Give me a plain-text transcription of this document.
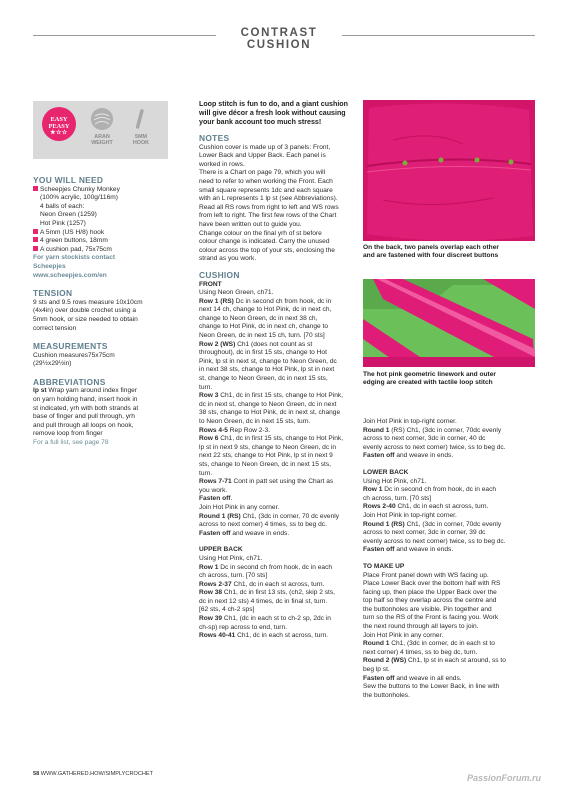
CONTRAST CUSHION
EASY
PEASY
★☆☆
ARAN
WEIGHT
5MM
HOOK
YOU WILL NEED

Scheepjes Chunky Monkey

(100% acrylic, 100g/116m)

4 balls of each:

Neon Green (1259)

Hot Pink (1257)

A 5mm (US H/8) hook

4 green buttons, 18mm

A cushion pad, 75x75cm

For yarn stockists contact

Scheepjes

www.scheepjes.com/en

TENSION

9 sts and 9.5 rows measure 10x10cm

(4x4in) over double crochet using a

5mm hook, or size needed to obtain

correct tension

MEASUREMENTS

Cushion measures75x75cm

(29½x29½in)

ABBREVIATIONS

lp st Wrap yarn around index finger

on yarn holding hand, insert hook in

st indicated, yrh with both strands at

base of finger and pull through, yrh

and pull through all loops on hook,

remove loop from finger

For a full list, see page 78

Loop stitch is fun to do, and a giant cushion

will give décor a fresh look without causing

your bank account too much stress!

NOTES

Cushion cover is made up of 3 panels: Front,

Lower Back and Upper Back. Each panel is

worked in rows.

There is a Chart on page 79, which you will

need to refer to when working the Front. Each

small square represents 1dc and each square

with an L represents 1 lp st (see Abbreviations).

Read all RS rows from right to left and WS rows

from left to right. The first few rows of the Chart

have been written out to guide you.

Change colour on the final yrh of st before

colour change is indicated. Carry the unused

colour across the top of your sts, enclosing the

strand as you work.

CUSHION

FRONT

Using Neon Green, ch71.

Row 1 (RS) Dc in second ch from hook, dc in

next 14 ch, change to Hot Pink, dc in next ch,

change to Neon Green, dc in next 38 ch,

change to Hot Pink, dc in next ch, change to

Neon Green, dc in next 15 ch, turn. [70 sts]

Row 2 (WS) Ch1 (does not count as st

throughout), dc in first 15 sts, change to Hot

Pink, lp st in next st, change to Neon Green, dc

in next 38 sts, change to Hot Pink, lp st in next

st, change to Neon Green, dc in next 15 sts,

turn.

Row 3 Ch1, dc in first 15 sts, change to Hot Pink,

dc in next st, change to Neon Green, dc in next

38 sts, change to Hot Pink, dc in next st, change

to Neon Green, dc in next 15 sts, turn.

Rows 4-5 Rep Row 2-3.

Row 6 Ch1, dc in first 15 sts, change to Hot Pink,

lp st in next 9 sts, change to Neon Green, dc in

next 22 sts, change to Hot Pink, lp st in next 9

sts, change to Neon Green, dc in next 15 sts,

turn.

Rows 7-71 Cont in patt set using the Chart as

you work.

Fasten off.

Join Hot Pink in any corner.

Round 1 (RS) Ch1, (3dc in corner, 70 dc evenly

across to next corner) 4 times, ss to beg dc.

Fasten off and weave in ends.

UPPER BACK

Using Hot Pink, ch71.

Row 1 Dc in second ch from hook, dc in each

ch across, turn. [70 sts]

Rows 2-37 Ch1, dc in each st across, turn.

Row 38 Ch1, dc in first 13 sts, (ch2, skip 2 sts,

dc in next 12 sts) 4 times, dc in final st, turn.

[62 sts, 4 ch-2 sps]

Row 39 Ch1, (dc in each st to ch-2 sp, 2dc in

ch-sp) rep across to end, turn.

Rows 40-41 Ch1, dc in each st across, turn.

On the back, two panels overlap each other

and are fastened with four discreet buttons

The hot pink geometric linework and outer

edging are created with tactile loop stitch

Join Hot Pink in top-right corner.

Round 1 (RS) Ch1, (3dc in corner, 70dc evenly

across to next corner, 3dc in corner, 40 dc

evenly across to next corner) twice, ss to beg dc.

Fasten off and weave in ends.

LOWER BACK

Using Hot Pink, ch71.

Row 1 Dc in second ch from hook, dc in each

ch across, turn. [70 sts]

Rows 2-40 Ch1, dc in each st across, turn.

Join Hot Pink in top-right corner.

Round 1 (RS) Ch1, (3dc in corner, 70dc evenly

across to next corner, 3dc in corner, 39 dc

evenly across to next corner) twice, ss to beg dc.

Fasten off and weave in ends.

TO MAKE UP

Place Front panel down with WS facing up.

Place Lower Back over the bottom half with RS

facing up, then place the Upper Back over the

top half so they overlap across the centre and

the buttonholes are visible. Pin together and

turn so the RS of the Front is facing you. Work

the next round through all layers to join.

Join Hot Pink in any corner.

Round 1 Ch1, (3dc in corner, dc in each st to

next corner) 4 times, ss to beg dc, turn.

Round 2 (WS) Ch1, lp st in each st around, ss to

beg lp st.

Fasten off and weave in all ends.

Sew the buttons to the Lower Back, in line with

the buttonholes.

58 WWW.GATHERED.HOW/SIMPLYCROCHET	PassionForum.ru
